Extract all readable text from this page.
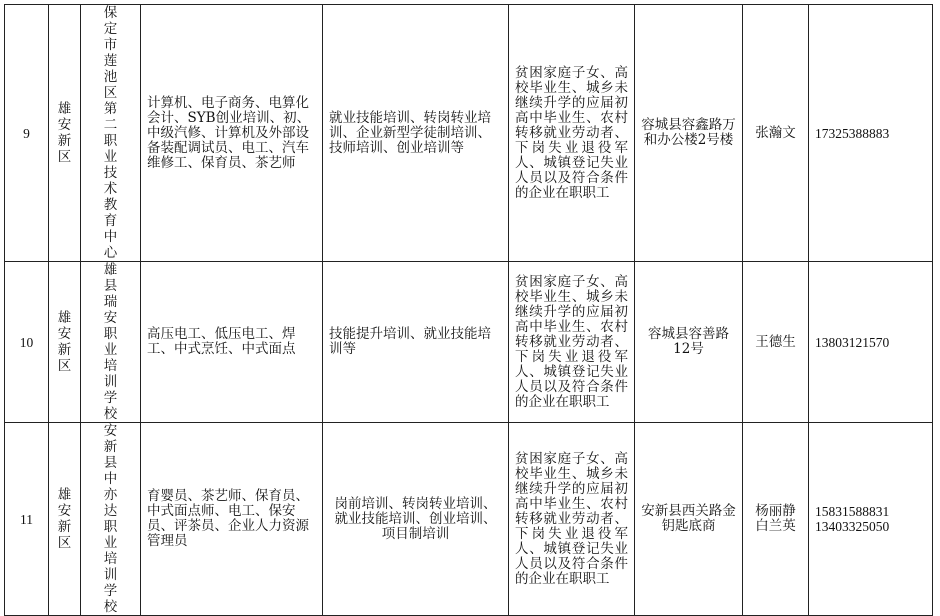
9	雄安新区	保定市莲池区第二职业技术教育中心	计算机、电子商务、电算化会计、SYB创业培训、初、中级汽修、计算机及外部设备装配调试员、电工、汽车维修工、保育员、茶艺师	就业技能培训、转岗转业培训、企业新型学徒制培训、技师培训、创业培训等	贫困家庭子女、高校毕业生、城乡未继续升学的应届初高中毕业生、农村转移就业劳动者、下岗失业退役军人、城镇登记失业人员以及符合条件的企业在职职工	容城县容鑫路万和办公楼2号楼	张瀚文	17325388883

10	雄安新区	雄县瑞安职业培训学校	高压电工、低压电工、焊工、中式烹饪、中式面点	技能提升培训、就业技能培训等	贫困家庭子女、高校毕业生、城乡未继续升学的应届初高中毕业生、农村转移就业劳动者、下岗失业退役军人、城镇登记失业人员以及符合条件的企业在职职工	容城县容善路12号	王德生	13803121570

11	雄安新区	安新县中亦达职业培训学校	育婴员、茶艺师、保育员、中式面点师、电工、保安员、评茶员、企业人力资源管理员	岗前培训、转岗转业培训、就业技能培训、创业培训、项目制培训	贫困家庭子女、高校毕业生、城乡未继续升学的应届初高中毕业生、农村转移就业劳动者、下岗失业退役军人、城镇登记失业人员以及符合条件的企业在职职工	安新县西关路金钥匙底商	杨丽静 白兰英	15831588831
13403325050
